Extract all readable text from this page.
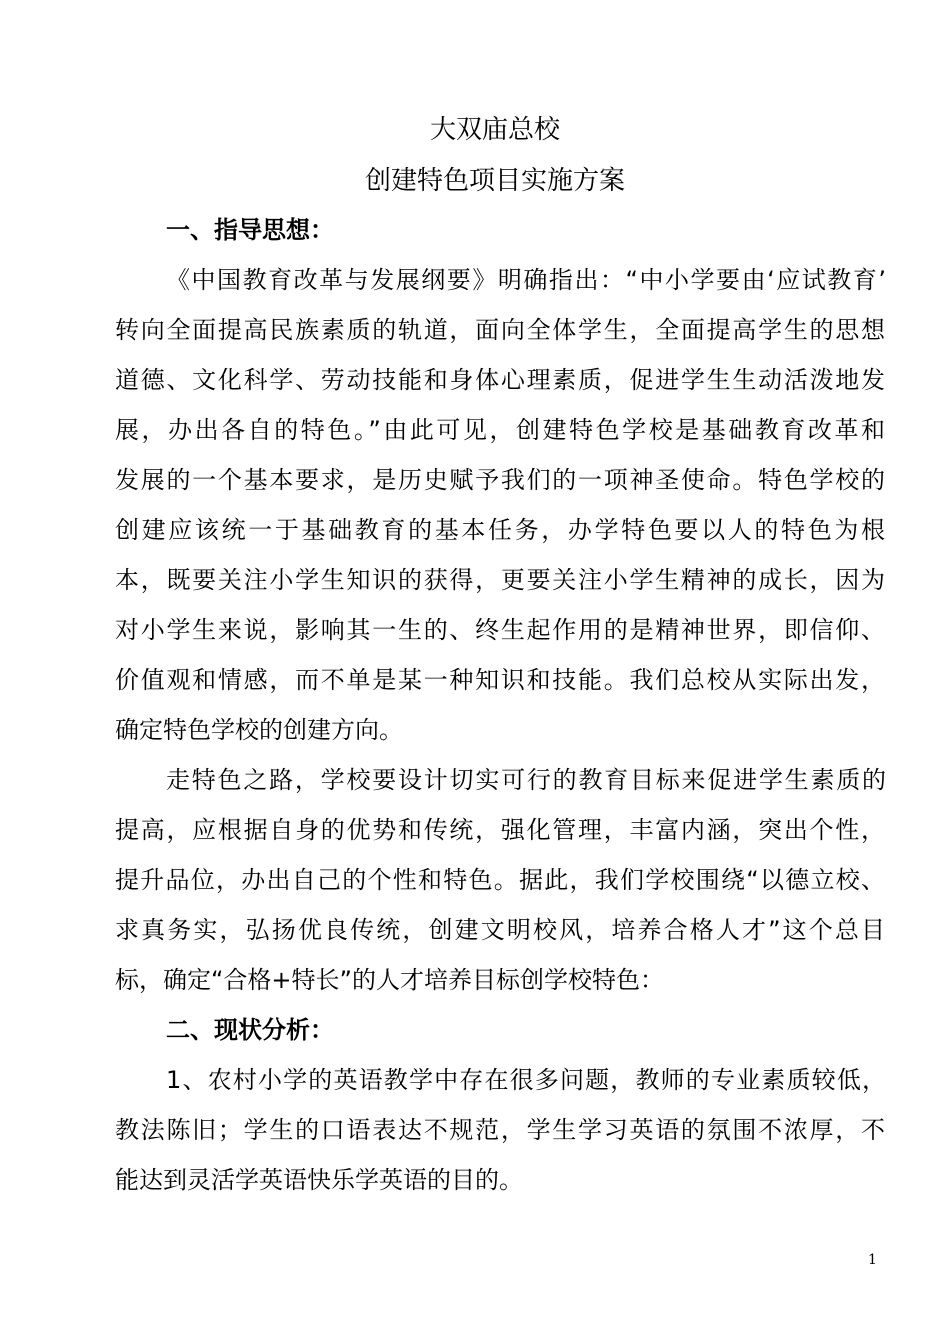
大双庙总校
创建特色项目实施方案
一、指导思想：
《中国教育改革与发展纲要》明确指出：“中小学要由‘应试教育’
转向全面提高民族素质的轨道，面向全体学生，全面提高学生的思想
道德、文化科学、劳动技能和身体心理素质，促进学生生动活泼地发
展，办出各自的特色。”由此可见，创建特色学校是基础教育改革和
发展的一个基本要求，是历史赋予我们的一项神圣使命。特色学校的
创建应该统一于基础教育的基本任务，办学特色要以人的特色为根
本，既要关注小学生知识的获得，更要关注小学生精神的成长，因为
对小学生来说，影响其一生的、终生起作用的是精神世界，即信仰、
价值观和情感，而不单是某一种知识和技能。我们总校从实际出发，
确定特色学校的创建方向。
走特色之路，学校要设计切实可行的教育目标来促进学生素质的
提高，应根据自身的优势和传统，强化管理，丰富内涵，突出个性，
提升品位，办出自己的个性和特色。据此，我们学校围绕“以德立校、
求真务实，弘扬优良传统，创建文明校风，培养合格人才”这个总目
标，确定“合格+特长”的人才培养目标创学校特色：
二、现状分析：
1、农村小学的英语教学中存在很多问题，教师的专业素质较低，
教法陈旧；学生的口语表达不规范，学生学习英语的氛围不浓厚，不
能达到灵活学英语快乐学英语的目的。
1
